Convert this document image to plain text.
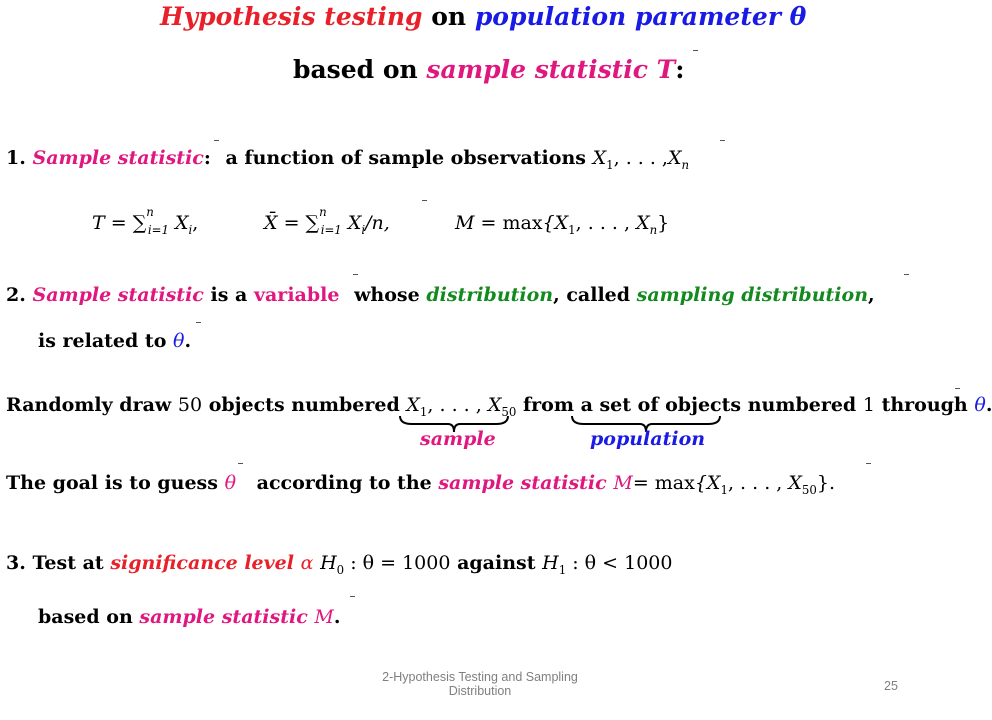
Hypothesis testing on population parameter θ
based on sample statistic T:
1. Sample statistic: a function of sample observations $X_1$, . . . $,X_n$
T = ∑$^n_{i=1}$ $X_i$,	X̄ = ∑$^n_{i=1}$ $X_i/n$,	$M = \max\{X_1$, . . . , $X_n$}
2. Sample statistic is a variable whose distribution, called sampling distribution,
is related to θ.
Randomly draw 50 objects numbered $X_1$, . . . , $X_{50}$ from a set of objects numbered 1 through θ.
sample	population
The goal is to guess θ according to the sample statistic $M= \max\{X_1$, . . . , $X_{50}$}.
3. Test at significance level α $H_0$ : θ = 1000 against $H_1$ : θ < 1000
based on sample statistic M.
2-Hypothesis Testing and Sampling
Distribution	25
